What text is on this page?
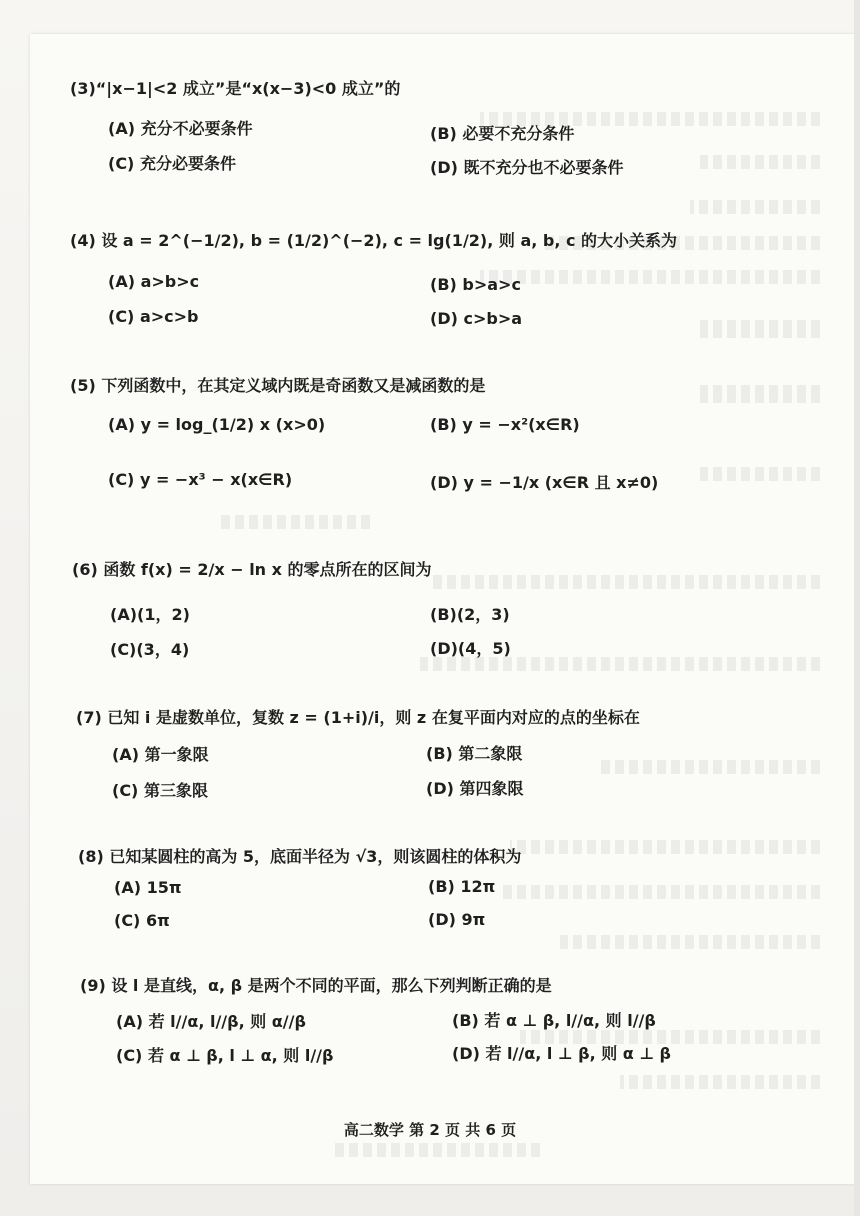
(3)“|x−1|<2 成立”是“x(x−3)<0 成立”的
(A) 充分不必要条件	(B) 必要不充分条件
(C) 充分必要条件	(D) 既不充分也不必要条件
(4) 设 a = 2^(−1/2), b = (1/2)^(−2), c = lg(1/2), 则 a, b, c 的大小关系为
(A) a>b>c	(B) b>a>c
(C) a>c>b	(D) c>b>a
(5) 下列函数中，在其定义域内既是奇函数又是减函数的是
(A) y = log_(1/2) x (x>0)	(B) y = −x²(x∈R)
(C) y = −x³ − x(x∈R)	(D) y = −1/x (x∈R 且 x≠0)
(6) 函数 f(x) = 2/x − ln x 的零点所在的区间为
(A)(1，2)	(B)(2，3)
(C)(3，4)	(D)(4，5)
(7) 已知 i 是虚数单位，复数 z = (1+i)/i，则 z 在复平面内对应的点的坐标在
(A) 第一象限	(B) 第二象限
(C) 第三象限	(D) 第四象限
(8) 已知某圆柱的高为 5，底面半径为 √3，则该圆柱的体积为
(A) 15π	(B) 12π
(C) 6π	(D) 9π
(9) 设 l 是直线，α, β 是两个不同的平面，那么下列判断正确的是
(A) 若 l//α, l//β, 则 α//β	(B) 若 α ⊥ β, l//α, 则 l//β
(C) 若 α ⊥ β, l ⊥ α, 则 l//β	(D) 若 l//α, l ⊥ β, 则 α ⊥ β
高二数学 第 2 页 共 6 页
